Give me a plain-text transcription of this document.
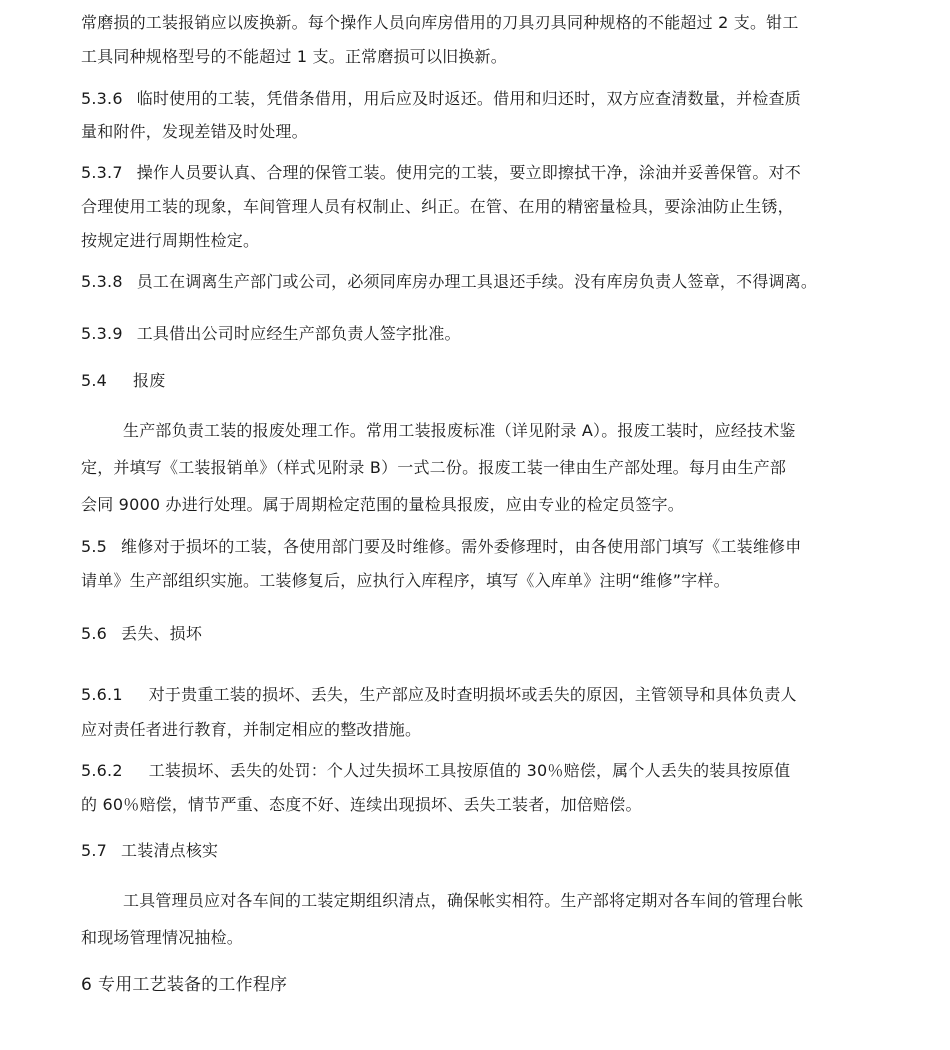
常磨损的工装报销应以废换新。每个操作人员向库房借用的刀具刃具同种规格的不能超过 2 支。钳工
工具同种规格型号的不能超过 1 支。正常磨损可以旧换新。
5.3.6 临时使用的工装，凭借条借用，用后应及时返还。借用和归还时，双方应查清数量，并检查质
量和附件，发现差错及时处理。
5.3.7 操作人员要认真、合理的保管工装。使用完的工装，要立即擦拭干净，涂油并妥善保管。对不
合理使用工装的现象，车间管理人员有权制止、纠正。在管、在用的精密量检具，要涂油防止生锈，
按规定进行周期性检定。
5.3.8 员工在调离生产部门或公司，必须同库房办理工具退还手续。没有库房负责人签章，不得调离。
5.3.9 工具借出公司时应经生产部负责人签字批准。
5.4 报废
生产部负责工装的报废处理工作。常用工装报废标准（详见附录 A）。报废工装时，应经技术鉴
定，并填写《工装报销单》（样式见附录 B）一式二份。报废工装一律由生产部处理。每月由生产部
会同 9000 办进行处理。属于周期检定范围的量检具报废，应由专业的检定员签字。
5.5 维修对于损坏的工装，各使用部门要及时维修。需外委修理时，由各使用部门填写《工装维修申
请单》生产部组织实施。工装修复后，应执行入库程序，填写《入库单》注明“维修”字样。
5.6 丢失、损坏
5.6.1 对于贵重工装的损坏、丢失，生产部应及时查明损坏或丢失的原因，主管领导和具体负责人
应对责任者进行教育，并制定相应的整改措施。
5.6.2 工装损坏、丢失的处罚：个人过失损坏工具按原值的 30％赔偿，属个人丢失的装具按原值
的 60％赔偿，情节严重、态度不好、连续出现损坏、丢失工装者，加倍赔偿。
5.7 工装清点核实
工具管理员应对各车间的工装定期组织清点，确保帐实相符。生产部将定期对各车间的管理台帐
和现场管理情况抽检。
6 专用工艺装备的工作程序
